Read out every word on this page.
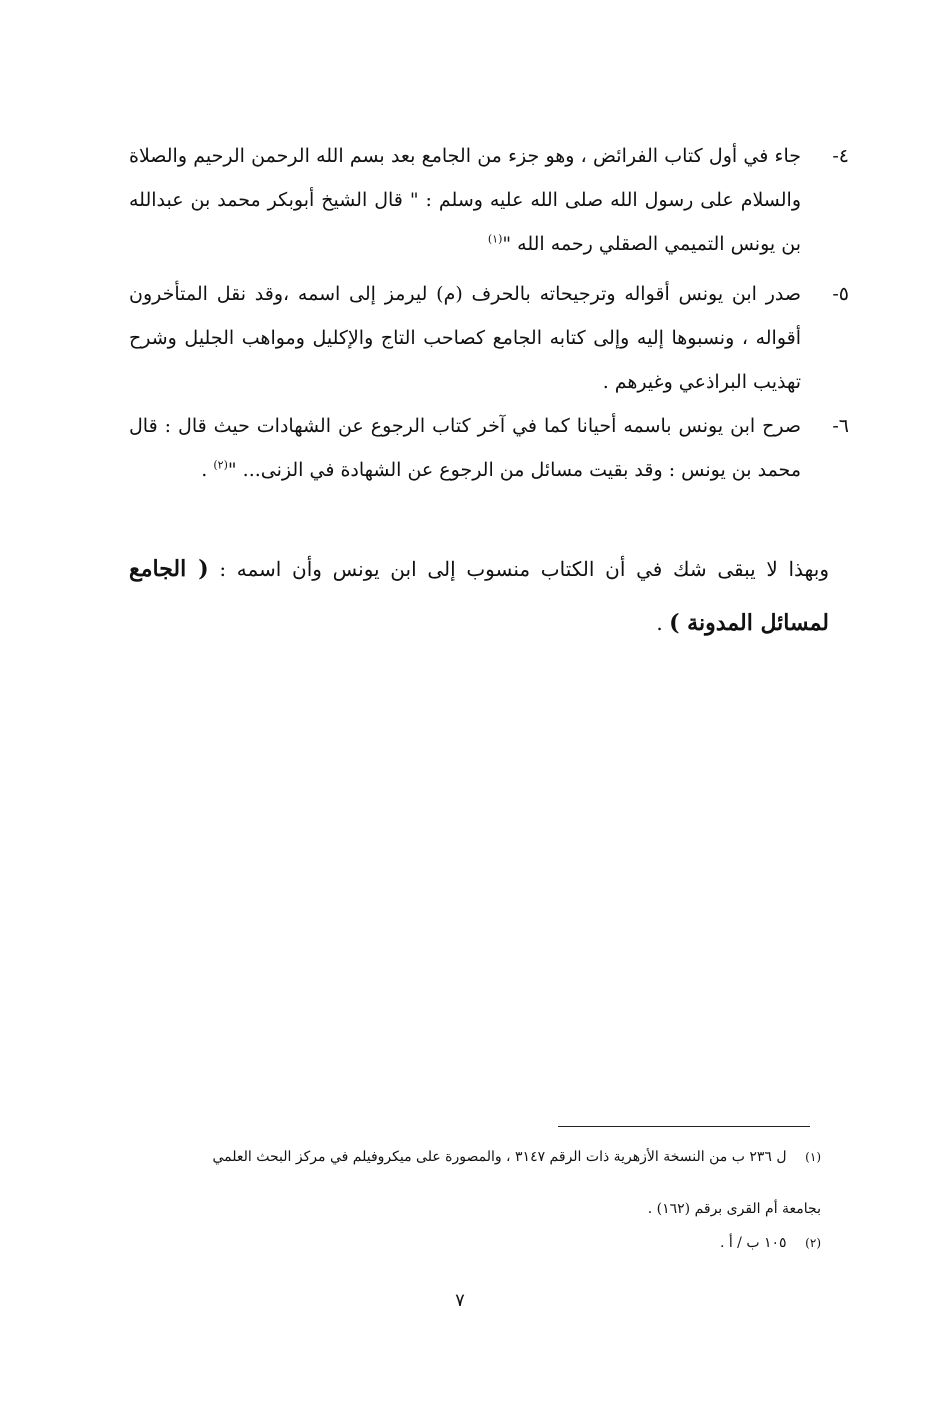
٤-
جاء في أول كتاب الفرائض ، وهو جزء من الجامع بعد بسم الله الرحمن الرحيم والصلاة والسلام على رسول الله صلى الله عليه وسلم : " قال الشيخ أبوبكر محمد بن عبدالله بن يونس التميمي الصقلي رحمه الله "$^{(١)}$
٥-
صدر ابن يونس أقواله وترجيحاته بالحرف (م) ليرمز إلى اسمه ،وقد نقل المتأخرون أقواله ، ونسبوها إليه وإلى كتابه الجامع كصاحب التاج والإكليل ومواهب الجليل وشرح تهذيب البراذعي وغيرهم .
٦-
صرح ابن يونس باسمه أحيانا كما في آخر كتاب الرجوع عن الشهادات حيث قال : قال محمد بن يونس : وقد بقيت مسائل من الرجوع عن الشهادة في الزنى... "$^{(٢)}$ .
وبهذا لا يبقى شك في أن الكتاب منسوب إلى ابن يونس وأن اسمه : ( الجامع لمسائل المدونة ) .
(١) ل ٢٣٦ ب من النسخة الأزهرية ذات الرقم ٣١٤٧ ، والمصورة على ميكروفيلم في مركز البحث العلمي
بجامعة أم القرى برقم (١٦٢) .
(٢) ١٠٥ ب / أ .
٧
